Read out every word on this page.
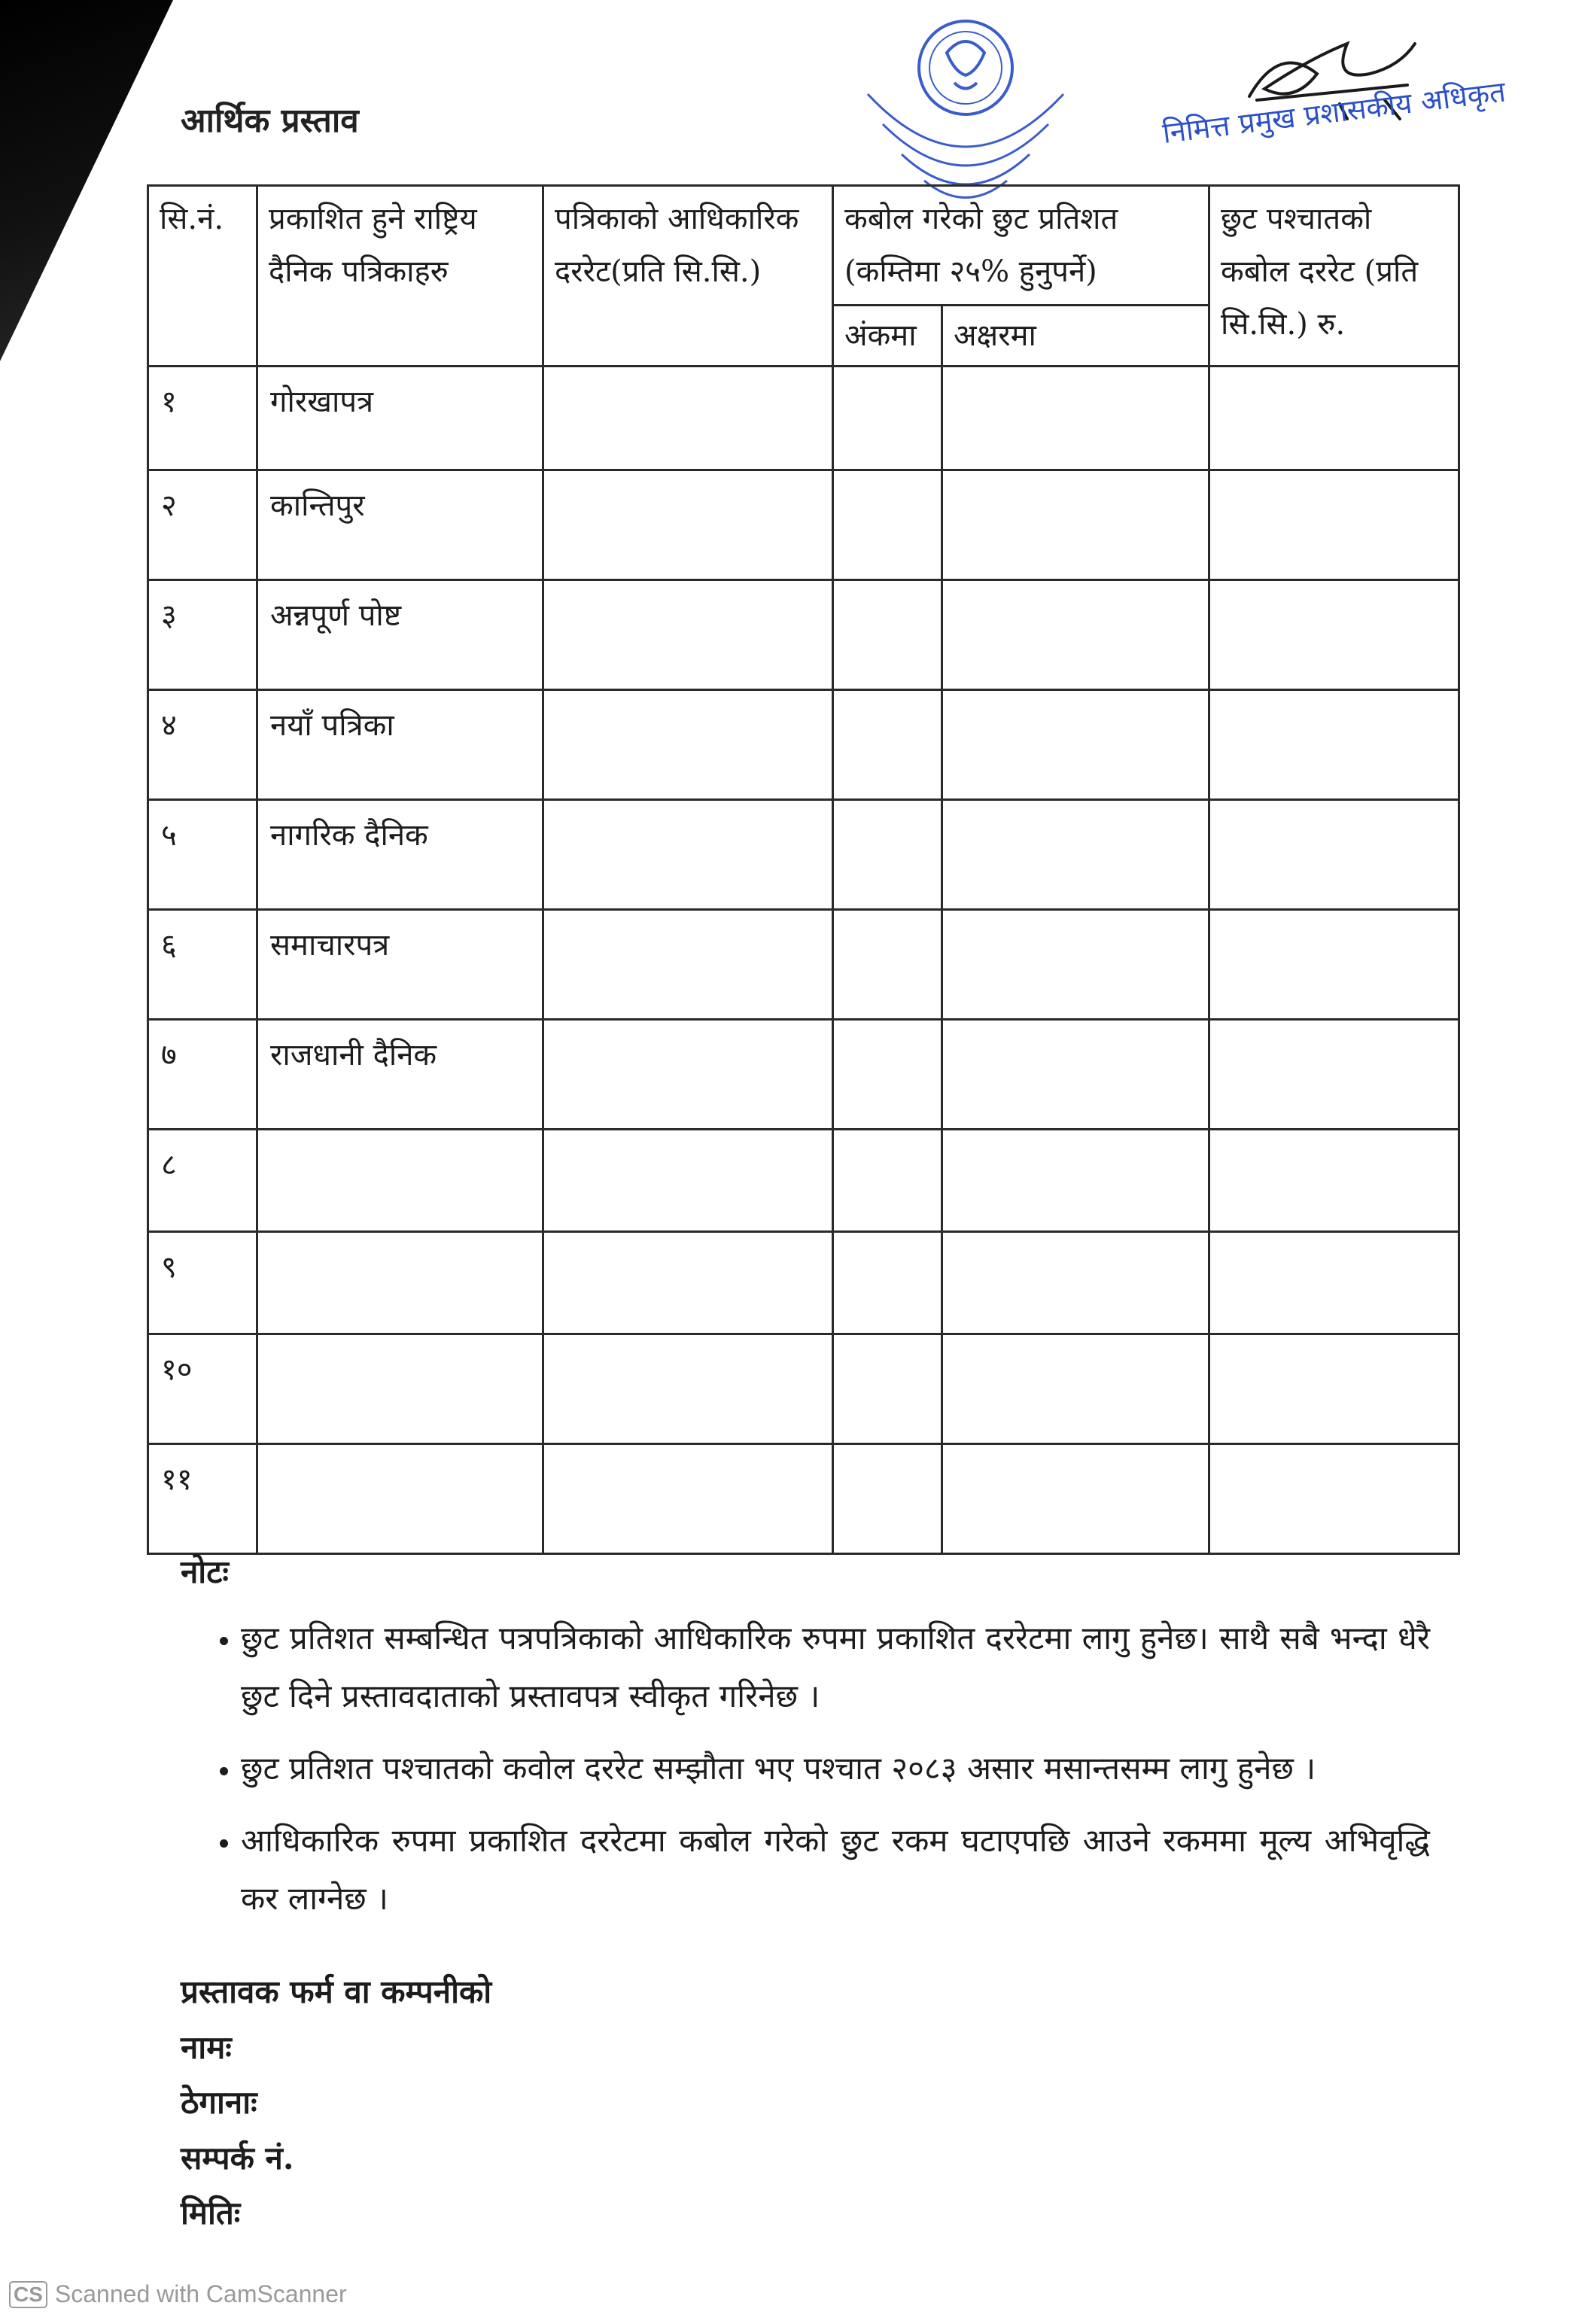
आर्थिक प्रस्ताव	निमित्त प्रमुख प्रशासकीय अधिकृत
सि.नं.	प्रकाशित हुने राष्ट्रिय दैनिक पत्रिकाहरु	पत्रिकाको आधिकारिक दररेट(प्रति सि.सि.)	कबोल गरेको छुट प्रतिशत (कम्तिमा २५% हुनुपर्ने)		छुट पश्चातको कबोल दररेट (प्रति सि.सि.) रु.
			अंकमा	अक्षरमा	
१	गोरखापत्र				
२	कान्तिपुर				
३	अन्नपूर्ण पोष्ट				
४	नयाँ पत्रिका				
५	नागरिक दैनिक				
६	समाचारपत्र				
७	राजधानी दैनिक				
८					
९					
१०					
११					
नोटः
• छुट प्रतिशत सम्बन्धित पत्रपत्रिकाको आधिकारिक रुपमा प्रकाशित दररेटमा लागु हुनेछ। साथै सबै भन्दा धेरै छुट दिने प्रस्तावदाताको प्रस्तावपत्र स्वीकृत गरिनेछ ।
• छुट प्रतिशत पश्चातको कवोल दररेट सम्झौता भए पश्चात २०८३ असार मसान्तसम्म लागु हुनेछ ।
• आधिकारिक रुपमा प्रकाशित दररेटमा कबोल गरेको छुट रकम घटाएपछि आउने रकममा मूल्य अभिवृद्धि कर लाग्नेछ ।
प्रस्तावक फर्म वा कम्पनीको
नामः
ठेगानाः
सम्पर्क नं.
मितिः
CS Scanned with CamScanner
